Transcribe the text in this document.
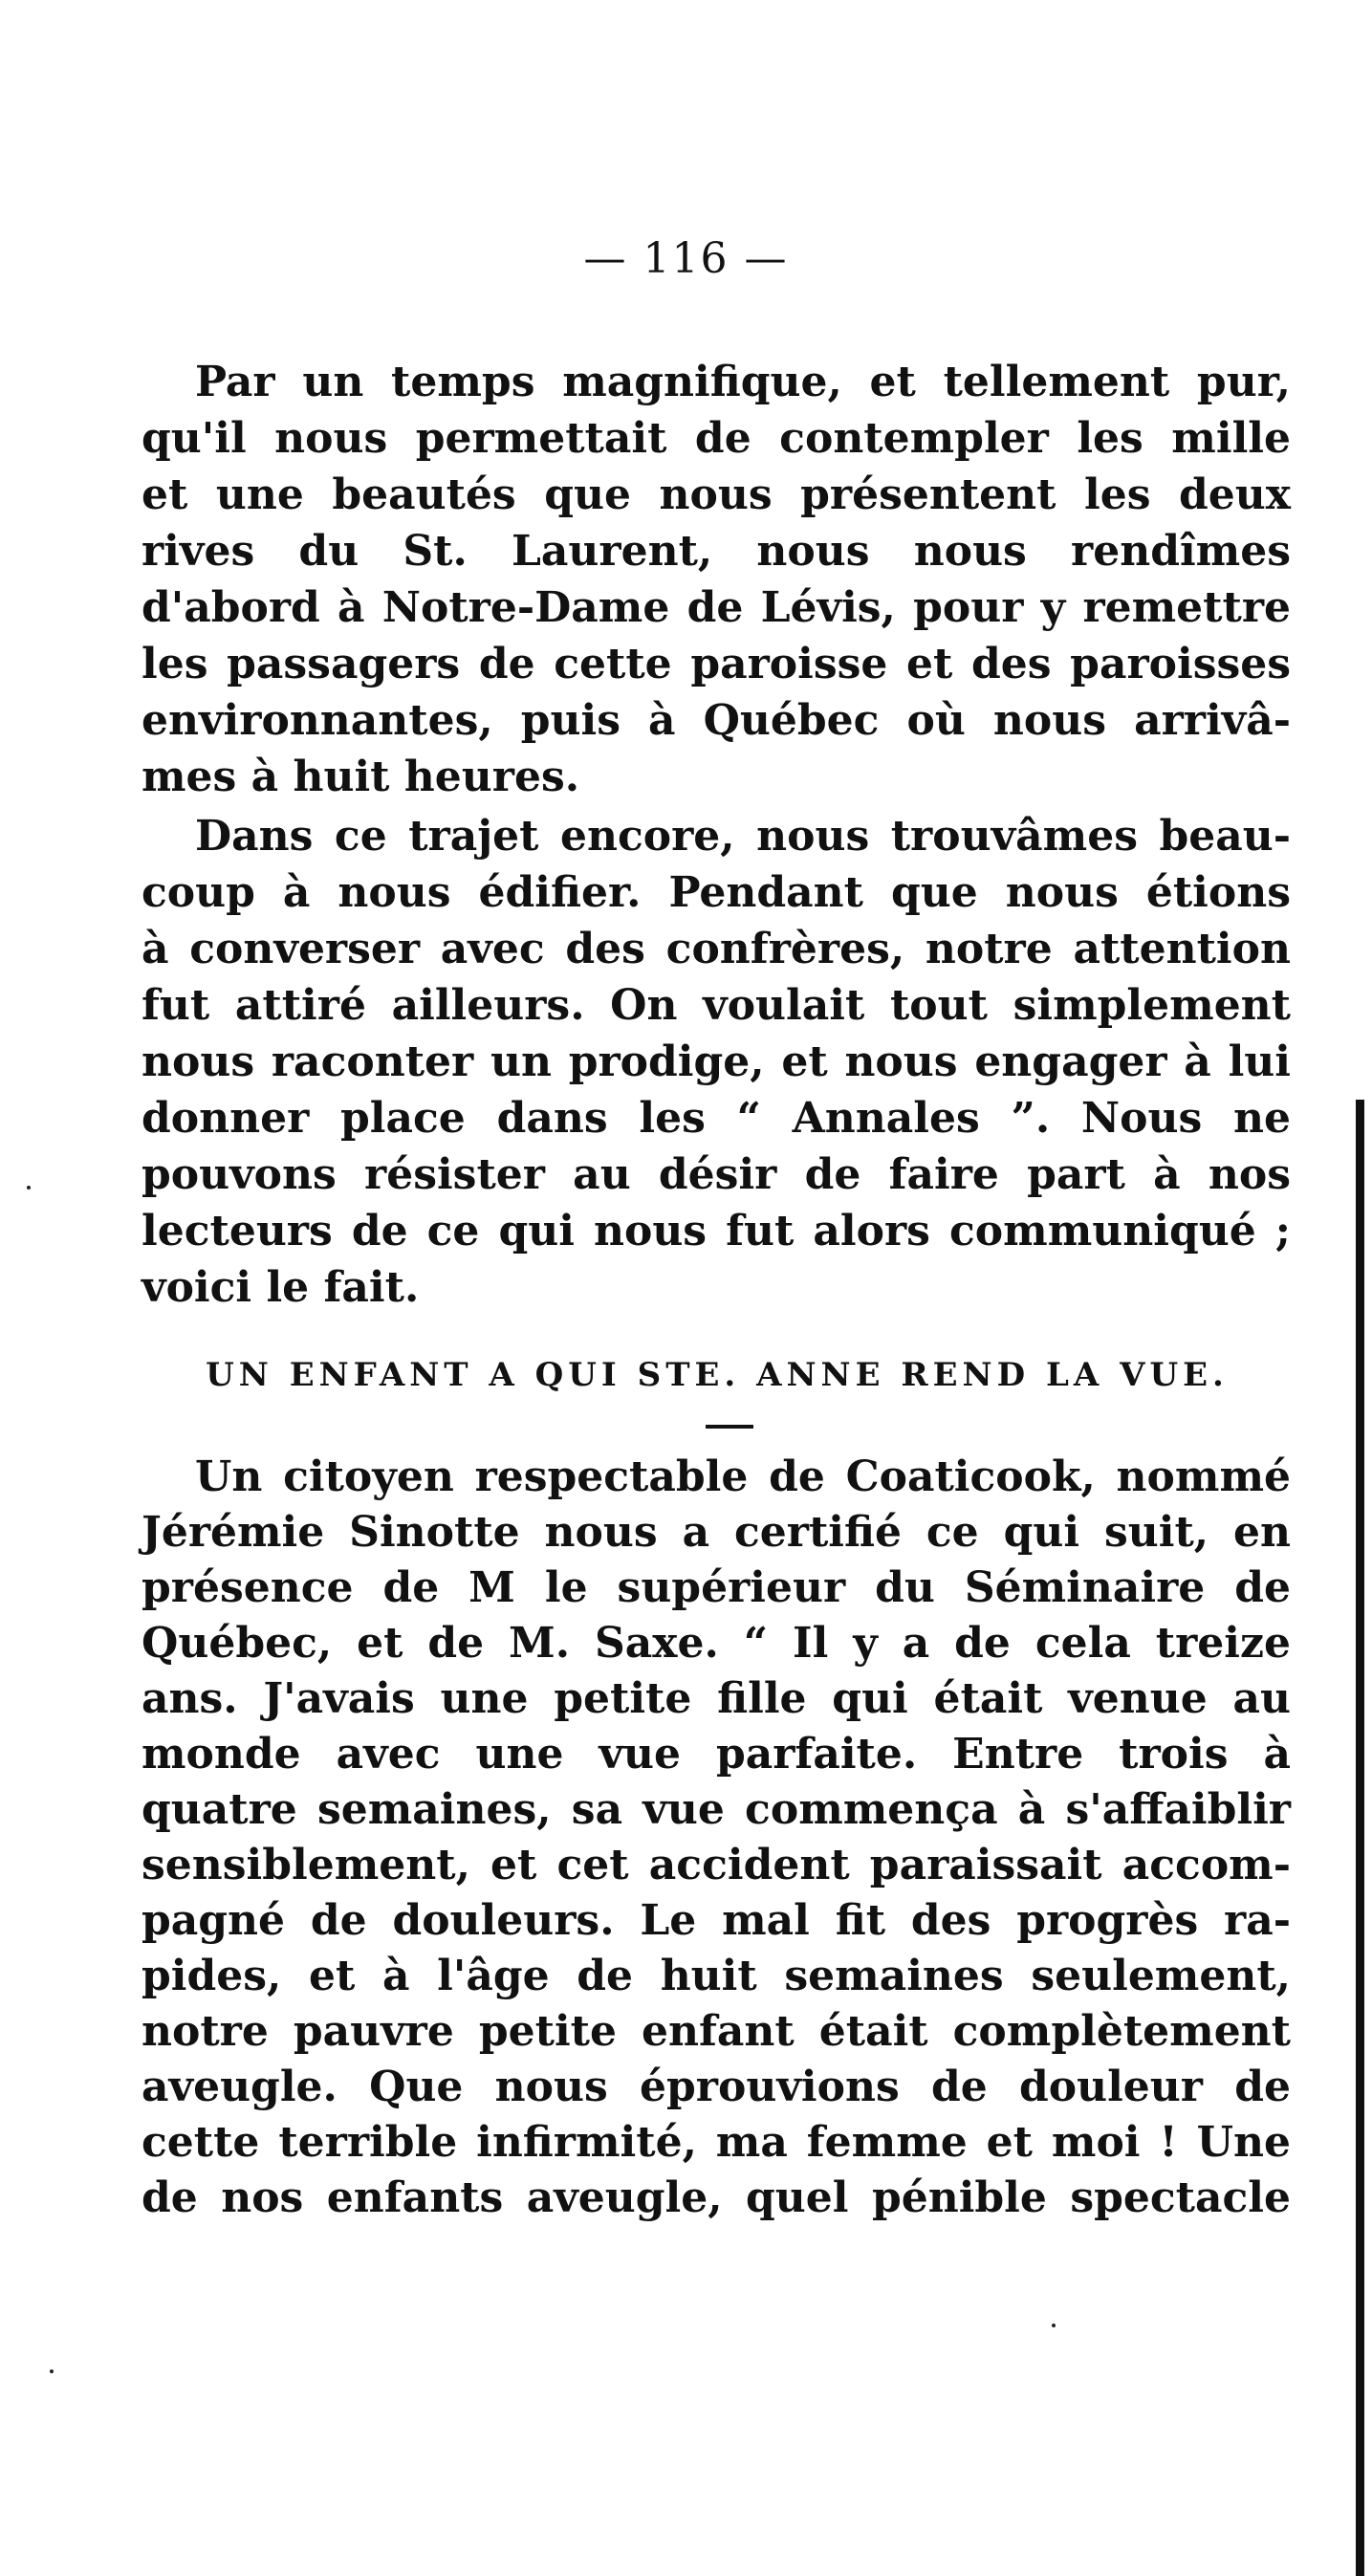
— 116 —
Par un temps magnifique, et tellement pur,
qu'il nous permettait de contempler les mille
et une beautés que nous présentent les deux
rives du St. Laurent, nous nous rendîmes
d'abord à Notre-Dame de Lévis, pour y remettre
les passagers de cette paroisse et des paroisses
environnantes, puis à Québec où nous arrivâ-
mes à huit heures.
Dans ce trajet encore, nous trouvâmes beau-
coup à nous édifier. Pendant que nous étions
à converser avec des confrères, notre attention
fut attiré ailleurs. On voulait tout simplement
nous raconter un prodige, et nous engager à lui
donner place dans les “ Annales ”. Nous ne
pouvons résister au désir de faire part à nos
lecteurs de ce qui nous fut alors communiqué ;
voici le fait.
UN ENFANT A QUI STE. ANNE REND LA VUE.
Un citoyen respectable de Coaticook, nommé
Jérémie Sinotte nous a certifié ce qui suit, en
présence de M le supérieur du Séminaire de
Québec, et de M. Saxe. “ Il y a de cela treize
ans. J'avais une petite fille qui était venue au
monde avec une vue parfaite. Entre trois à
quatre semaines, sa vue commença à s'affaiblir
sensiblement, et cet accident paraissait accom-
pagné de douleurs. Le mal fit des progrès ra-
pides, et à l'âge de huit semaines seulement,
notre pauvre petite enfant était complètement
aveugle. Que nous éprouvions de douleur de
cette terrible infirmité, ma femme et moi ! Une
de nos enfants aveugle, quel pénible spectacle
